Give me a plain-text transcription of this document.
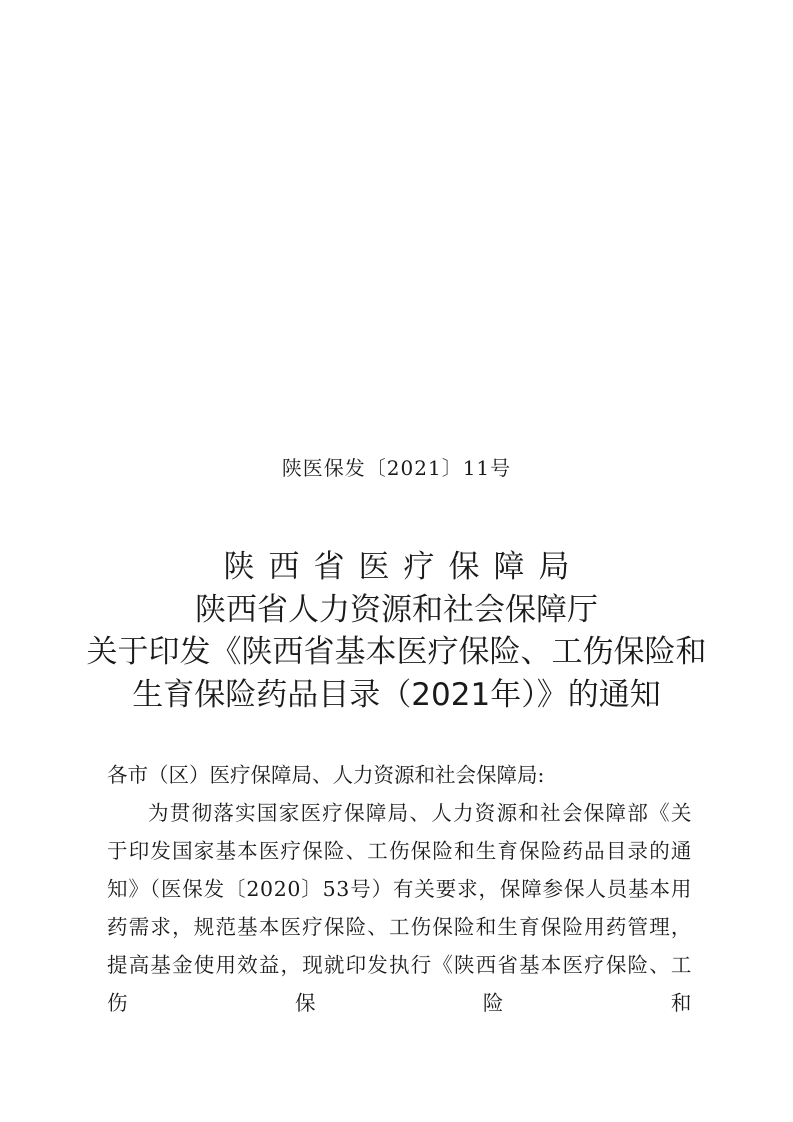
陕医保发〔2021〕11号
陕西省医疗保障局
陕西省人力资源和社会保障厅
关于印发《陕西省基本医疗保险、工伤保险和
生育保险药品目录（2021年）》的通知
各市（区）医疗保障局、人力资源和社会保障局:
为贯彻落实国家医疗保障局、人力资源和社会保障部《关于印发国家基本医疗保险、工伤保险和生育保险药品目录的通知》（医保发〔2020〕53号）有关要求，保障参保人员基本用药需求，规范基本医疗保险、工伤保险和生育保险用药管理，提高基金使用效益，现就印发执行《陕西省基本医疗保险、工伤保险和
